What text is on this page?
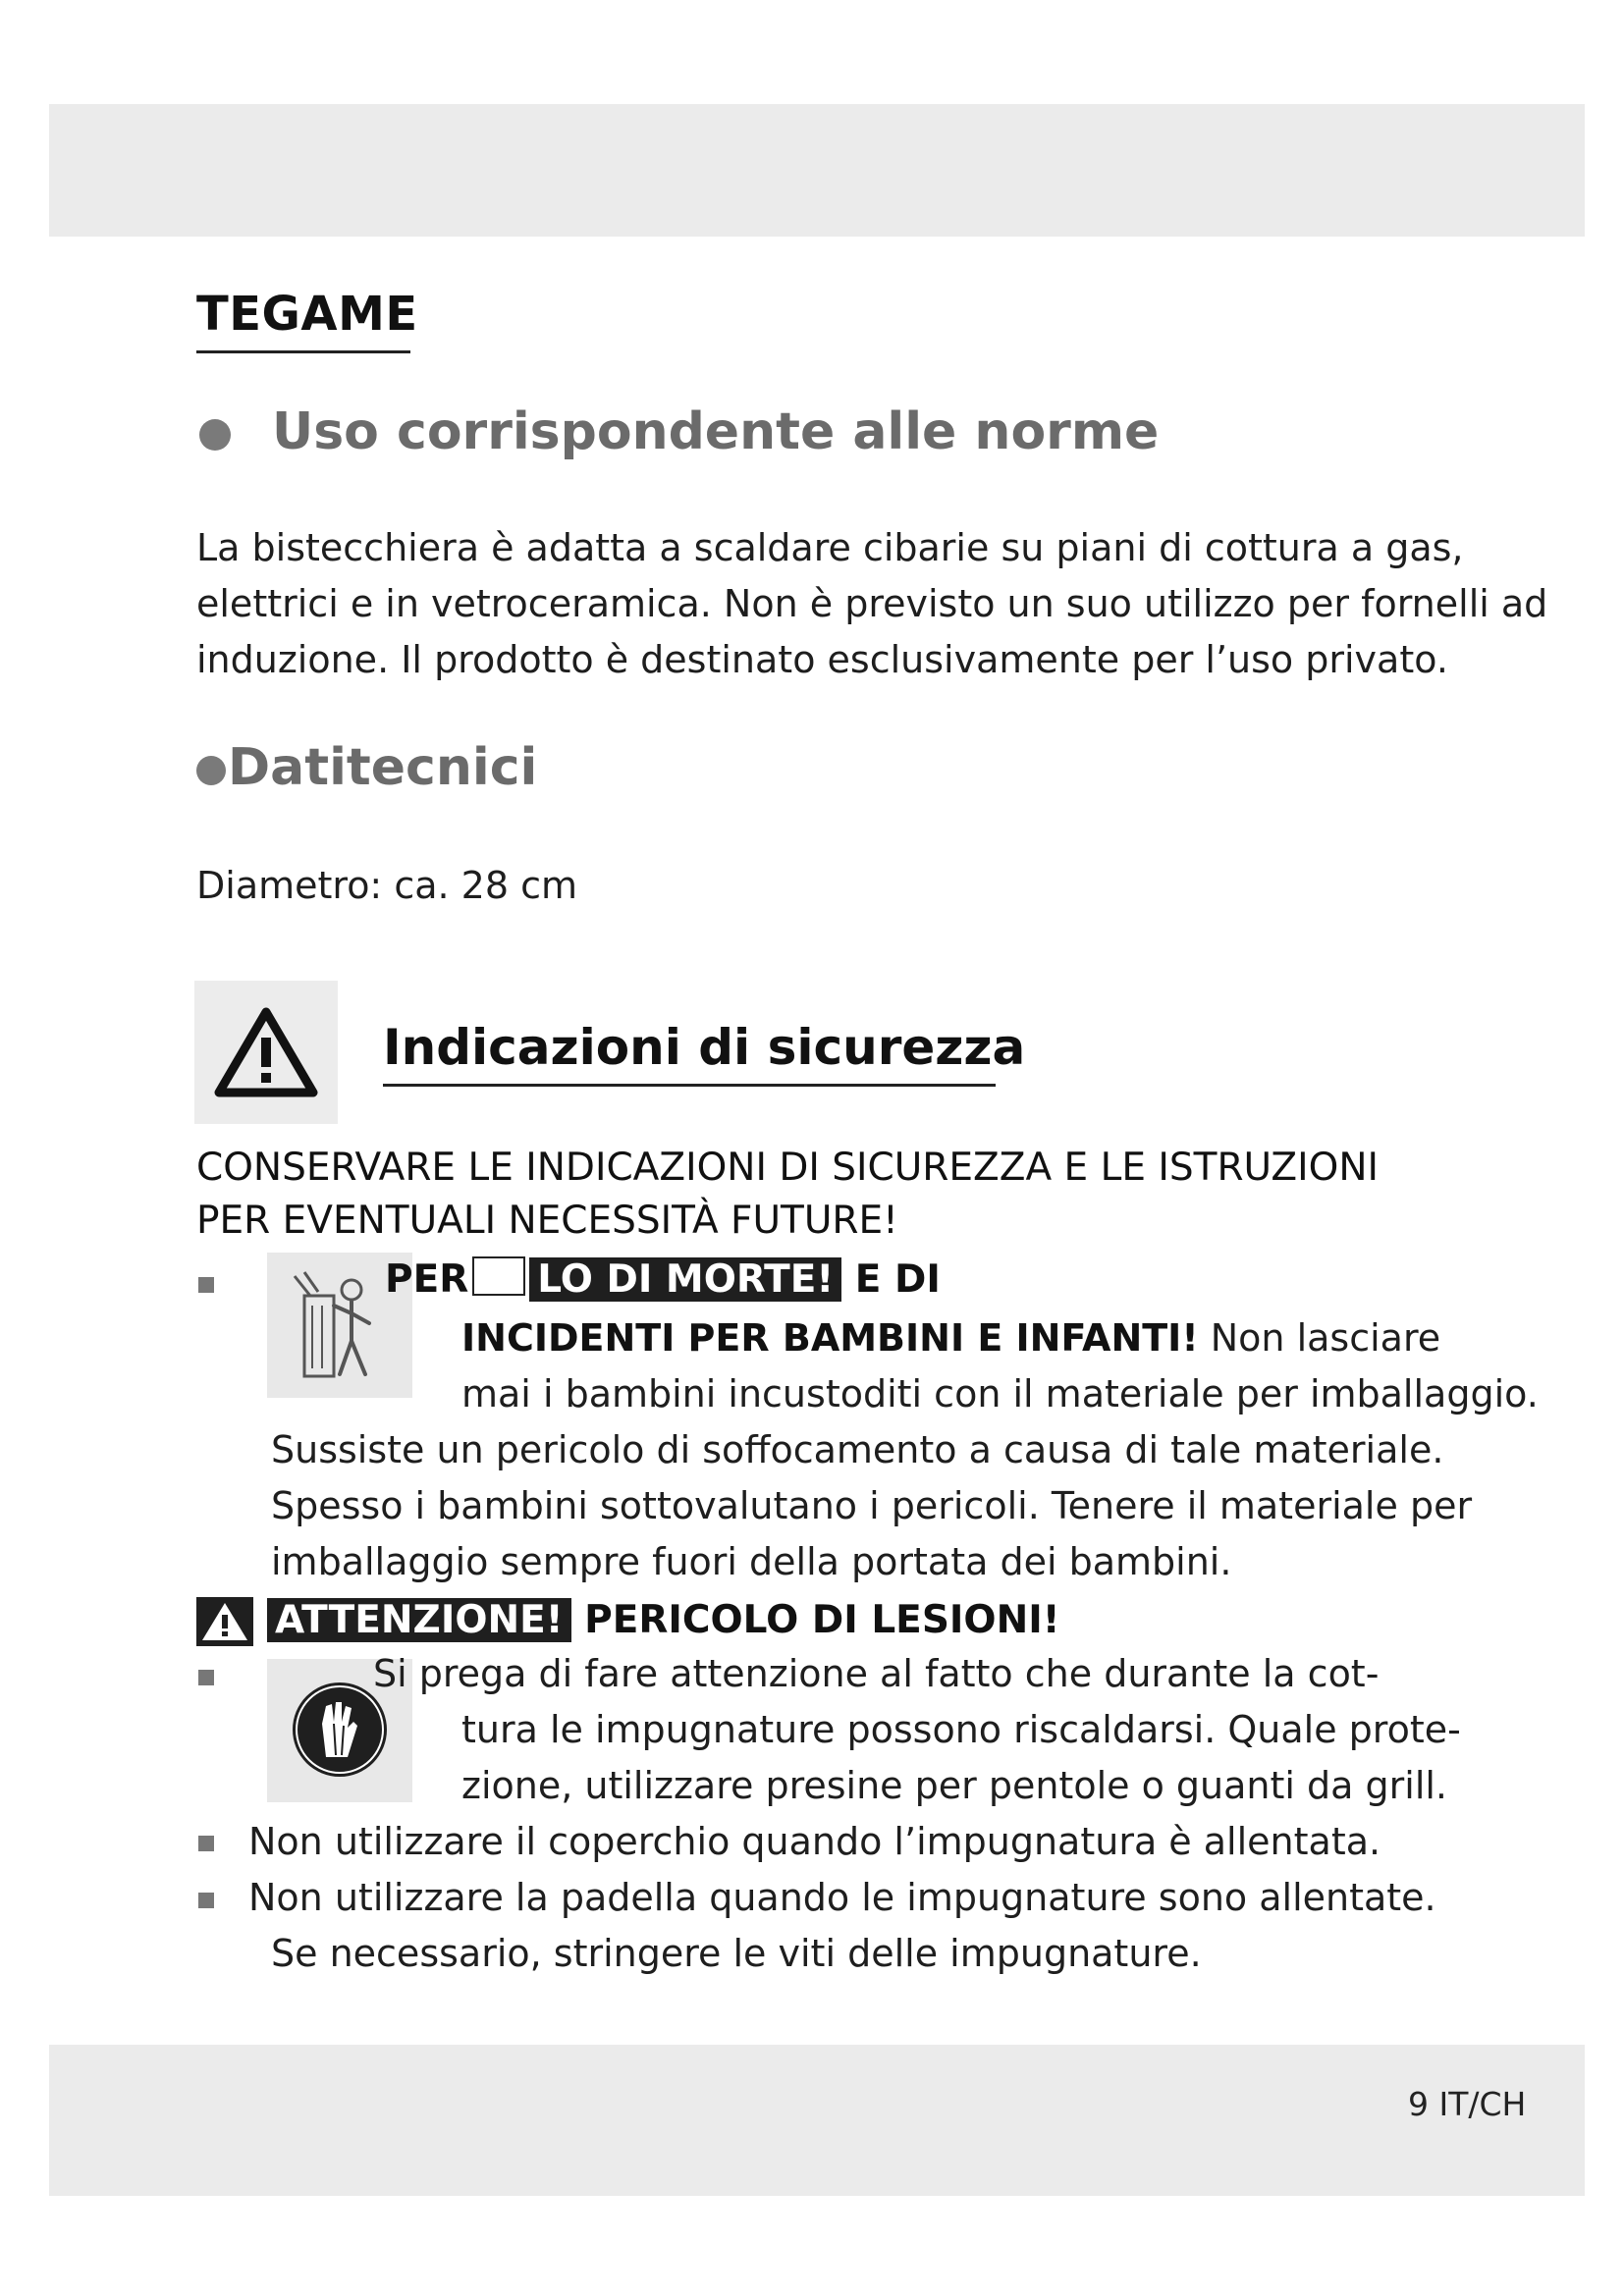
TEGAME
Uso corrispondente alle norme
La bistecchiera è adatta a scaldare cibarie su piani di cottura a gas,
elettrici e in vetroceramica. Non è previsto un suo utilizzo per fornelli ad
induzione. Il prodotto è destinato esclusivamente per l’uso privato.
Datitecnici
Diametro: ca. 28 cm
Indicazioni di sicurezza
CONSERVARE LE INDICAZIONI DI SICUREZZA E LE ISTRUZIONI
PER EVENTUALI NECESSITÀ FUTURE!
PER LO DI MORTE! E DI
INCIDENTI PER BAMBINI E INFANTI! Non lasciare
mai i bambini incustoditi con il materiale per imballaggio.
Sussiste un pericolo di soffocamento a causa di tale materiale.
Spesso i bambini sottovalutano i pericoli. Tenere il materiale per
imballaggio sempre fuori della portata dei bambini.
ATTENZIONE! PERICOLO DI LESIONI!
Si prega di fare attenzione al fatto che durante la cot-
tura le impugnature possono riscaldarsi. Quale prote-
zione, utilizzare presine per pentole o guanti da grill.
Non utilizzare il coperchio quando l’impugnatura è allentata.
Non utilizzare la padella quando le impugnature sono allentate.
Se necessario, stringere le viti delle impugnature.
9 IT/CH
